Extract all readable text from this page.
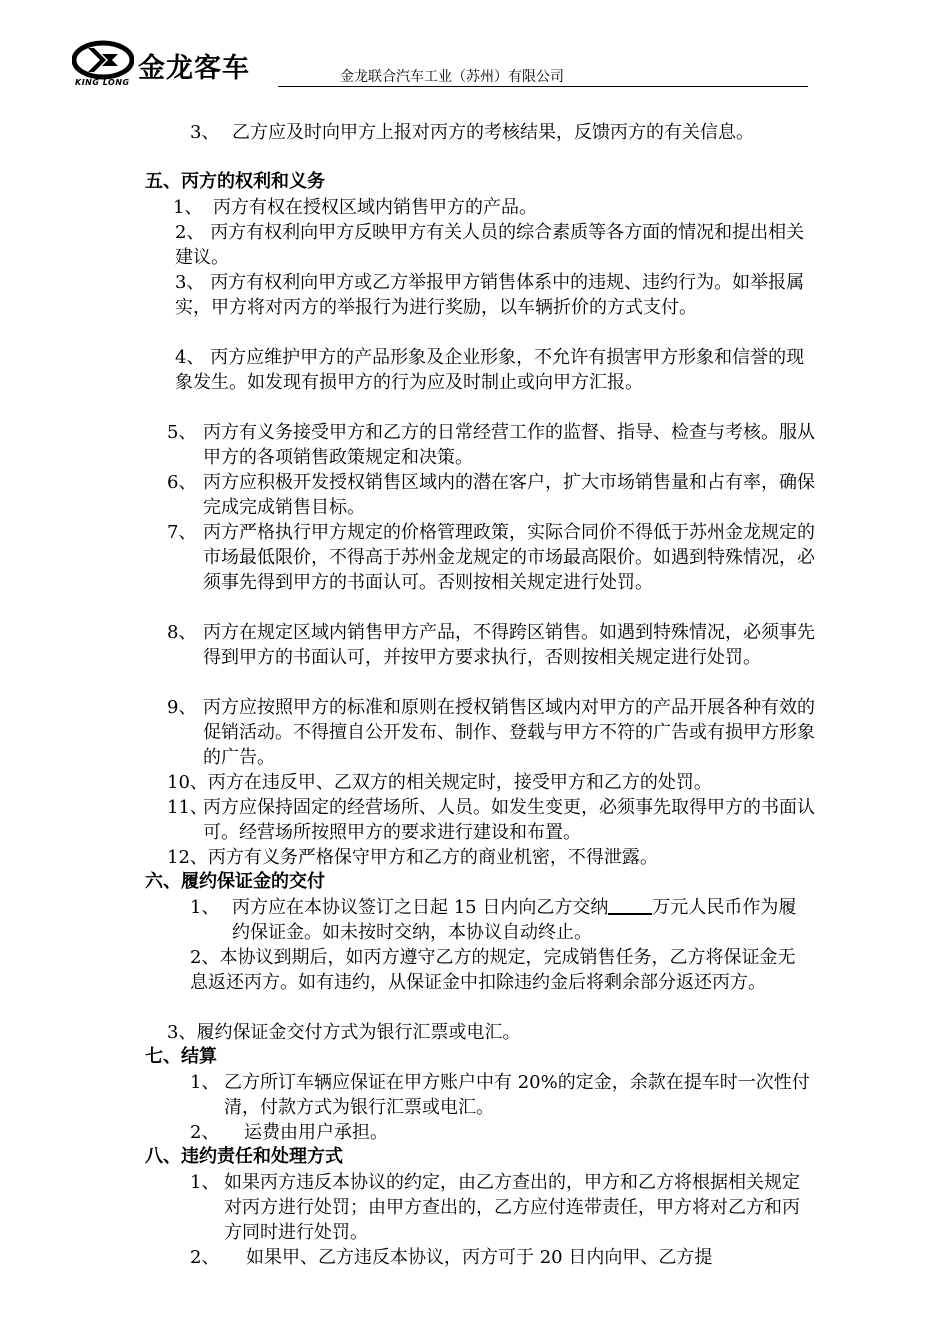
金龙客车
KING LONG	金龙联合汽车工业（苏州）有限公司
3、 乙方应及时向甲方上报对丙方的考核结果，反馈丙方的有关信息。
五、丙方的权利和义务
1、 丙方有权在授权区域内销售甲方的产品。
2、 丙方有权利向甲方反映甲方有关人员的综合素质等各方面的情况和提出相关建议。
3、 丙方有权利向甲方或乙方举报甲方销售体系中的违规、违约行为。如举报属实，甲方将对丙方的举报行为进行奖励，以车辆折价的方式支付。
4、 丙方应维护甲方的产品形象及企业形象，不允许有损害甲方形象和信誉的现象发生。如发现有损甲方的行为应及时制止或向甲方汇报。
5、 丙方有义务接受甲方和乙方的日常经营工作的监督、指导、检查与考核。服从甲方的各项销售政策规定和决策。
6、 丙方应积极开发授权销售区域内的潜在客户，扩大市场销售量和占有率，确保完成完成销售目标。
7、 丙方严格执行甲方规定的价格管理政策，实际合同价不得低于苏州金龙规定的市场最低限价，不得高于苏州金龙规定的市场最高限价。如遇到特殊情况，必须事先得到甲方的书面认可。否则按相关规定进行处罚。
8、 丙方在规定区域内销售甲方产品，不得跨区销售。如遇到特殊情况，必须事先得到甲方的书面认可，并按甲方要求执行，否则按相关规定进行处罚。
9、 丙方应按照甲方的标准和原则在授权销售区域内对甲方的产品开展各种有效的促销活动。不得擅自公开发布、制作、登载与甲方不符的广告或有损甲方形象的广告。
10、丙方在违反甲、乙双方的相关规定时，接受甲方和乙方的处罚。
11、
丙方应保持固定的经营场所、人员。如发生变更，必须事先取得甲方的书面认可。经营场所按照甲方的要求进行建设和布置。
12、丙方有义务严格保守甲方和乙方的商业机密，不得泄露。
六、履约保证金的交付
1、 丙方应在本协议签订之日起 15 日内向乙方交纳 万元人民币作为履约保证金。如未按时交纳，本协议自动终止。
2、本协议到期后，如丙方遵守乙方的规定，完成销售任务，乙方将保证金无息返还丙方。如有违约，从保证金中扣除违约金后将剩余部分返还丙方。
3、履约保证金交付方式为银行汇票或电汇。
七、结算
1、 乙方所订车辆应保证在甲方账户中有 20%的定金，余款在提车时一次性付清，付款方式为银行汇票或电汇。
2、	运费由用户承担。
八、违约责任和处理方式
1、 如果丙方违反本协议的约定，由乙方查出的，甲方和乙方将根据相关规定对丙方进行处罚；由甲方查出的，乙方应付连带责任，甲方将对乙方和丙方同时进行处罚。
2、	如果甲、乙方违反本协议，丙方可于 20 日内向甲、乙方提
